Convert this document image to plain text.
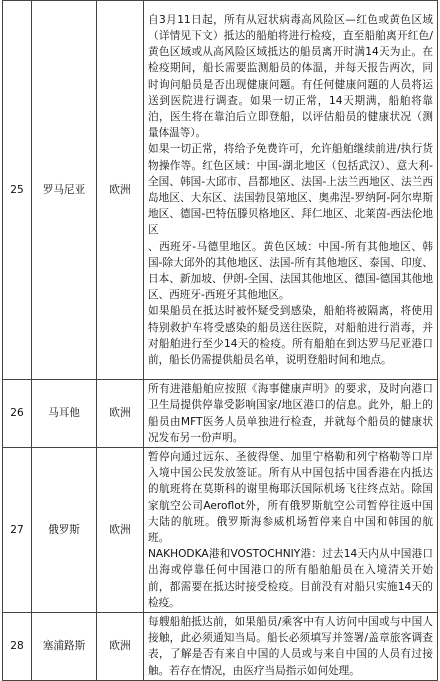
25	罗马尼亚	欧洲	自3月11日起，所有从冠状病毒高风险区—红色或黄色区域（详情见下文）抵达的船舶将进行检疫，直至船舶离开红色/黄色区域或从高风险区域抵达的船员离开时满14天为止。在检疫期间，船长需要监测船员的体温，并每天报告两次，同时询问船员是否出现健康问题。有任何健康问题的人员将运送到医院进行调查。如果一切正常，14天期满，船舶将靠泊，医生将在靠泊后立即登船，以评估船员的健康状况（测量体温等）。
如果一切正常，将给予免费许可，允许船舶继续前进/执行货物操作等。红色区域：中国-湖北地区（包括武汉）、意大利-全国、韩国-大邱市、昌都地区、法国-上法兰西地区、法兰西岛地区、大东区、法国勃艮第地区、奥弗涅-罗纳阿-阿尔卑斯地区、德国-巴特伍滕贝格地区、拜仁地区、北莱茵-西法伦地区
、西班牙-马德里地区。黄色区域：中国-所有其他地区、韩国-除大邱外的其他地区、法国-所有其他地区、泰国、印度、日本、新加坡、伊朗-全国、法国其他地区、德国-德国其他地区、西班牙-西班牙其他地区。
如果船员在抵达时被怀疑受到感染，船舶将被隔离，将使用特别救护车将受感染的船员送往医院，对船舶进行消毒，并对船舶进行至少14天的检疫。所有船舶在到达罗马尼亚港口前，船长仍需提供船员名单，说明登船时间和地点。

26	马耳他	欧洲	所有进港船舶应按照《海事健康声明》的要求，及时向港口卫生局提供停靠受影响国家/地区港口的信息。此外，船上的船员由MFT医务人员单独进行检查，并就每个船员的健康状况发布另一份声明。

27	俄罗斯	欧洲	暂停向通过远东、圣彼得堡、加里宁格勒和列宁格勒等口岸入境中国公民发放签证。所有从中国包括中国香港在内抵达的航班将在莫斯科的谢里梅耶沃国际机场飞往终点站。除国家航空公司Aeroflot外，所有俄罗斯航空公司暂停往返中国大陆的航班。俄罗斯海参威机场暂停来自中国和韩国的航班。
NAKHODKA港和VOSTOCHNIY港：过去14天内从中国港口出海或停靠任何中国港口的所有船舶船员在入境清关开始前，都需要在抵达时接受检疫。目前没有对船只实施14天的检疫。

28	塞浦路斯	欧洲	每艘船舶抵达前，如果船员/乘客中有人访问中国或与中国人接触，此必须通知当局。船长必须填写并签署/盖章旅客调查表，了解是否有来自中国的人员或与来自中国的人员有过接触。若存在情况，由医疗当局指示如何处理。
